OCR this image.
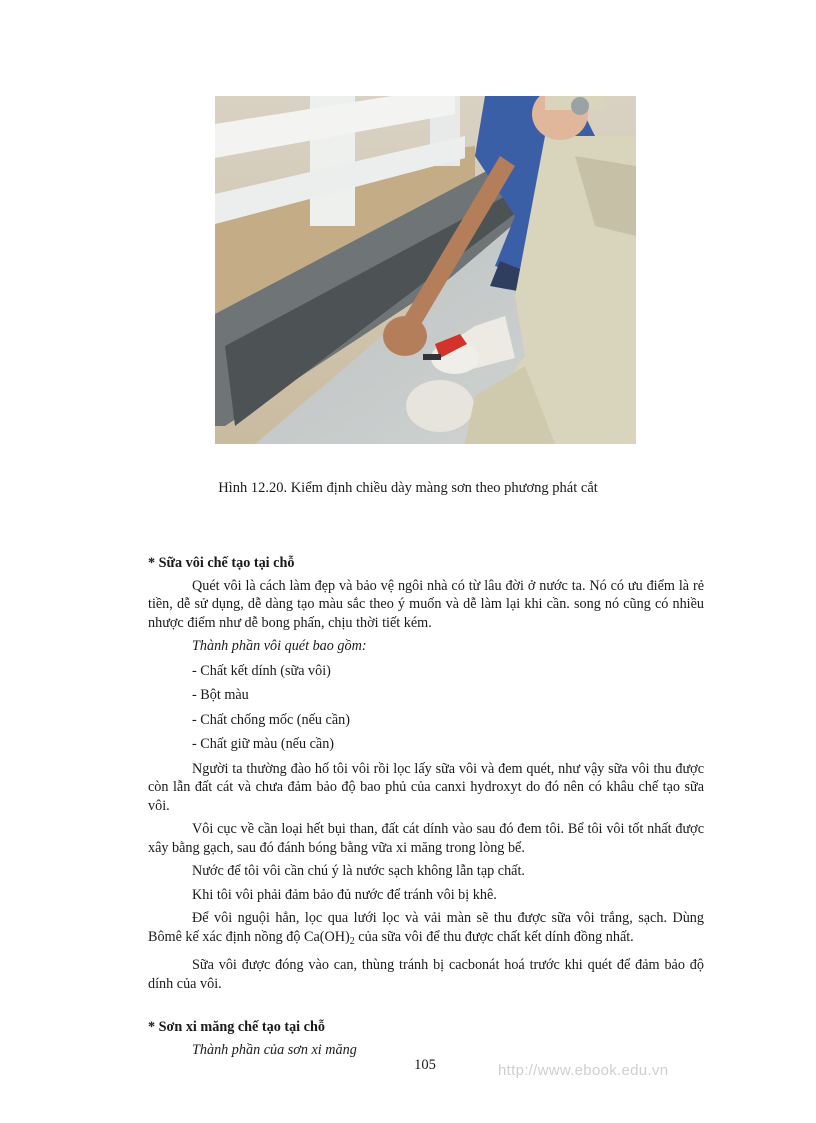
Hình 12.20. Kiểm định chiều dày màng sơn theo phương phát cắt
* Sữa vôi chế tạo tại chỗ
Quét vôi là cách làm đẹp và bảo vệ ngôi nhà có từ lâu đời ở nước ta. Nó có ưu điểm là rẻ tiền, dễ sử dụng, dễ dàng tạo màu sắc theo ý muốn và dễ làm lại khi cần. song nó cũng có nhiều nhược điểm như dễ bong phấn, chịu thời tiết kém.
Thành phần vôi quét bao gồm:
- Chất kết dính (sữa vôi)
- Bột màu
- Chất chống mốc (nếu cần)
- Chất giữ màu (nếu cần)
Người ta thường đào hố tôi vôi rồi lọc lấy sữa vôi và đem quét, như vậy sữa vôi thu được còn lẫn đất cát và chưa đảm bảo độ bao phủ của canxi hydroxyt do đó nên có khâu chế tạo sữa vôi.
Vôi cục về cần loại hết bụi than, đất cát dính vào sau đó đem tôi. Bể tôi vôi tốt nhất được xây bằng gạch, sau đó đánh bóng bằng vữa xi măng trong lòng bể.
Nước để tôi vôi cần chú ý là nước sạch không lẫn tạp chất.
Khi tôi vôi phải đảm bảo đủ nước để tránh vôi bị khê.
Để vôi nguội hẳn, lọc qua lưới lọc và vải màn sẽ thu được sữa vôi trắng, sạch. Dùng Bômê kế xác định nồng độ $Ca(OH)_2$ của sữa vôi để thu được chất kết dính đồng nhất.
Sữa vôi được đóng vào can, thùng tránh bị cacbonát hoá trước khi quét để đảm bảo độ dính của vôi.
* Sơn xi măng chế tạo tại chỗ
Thành phần của sơn xi măng
105	http://www.ebook.edu.vn
